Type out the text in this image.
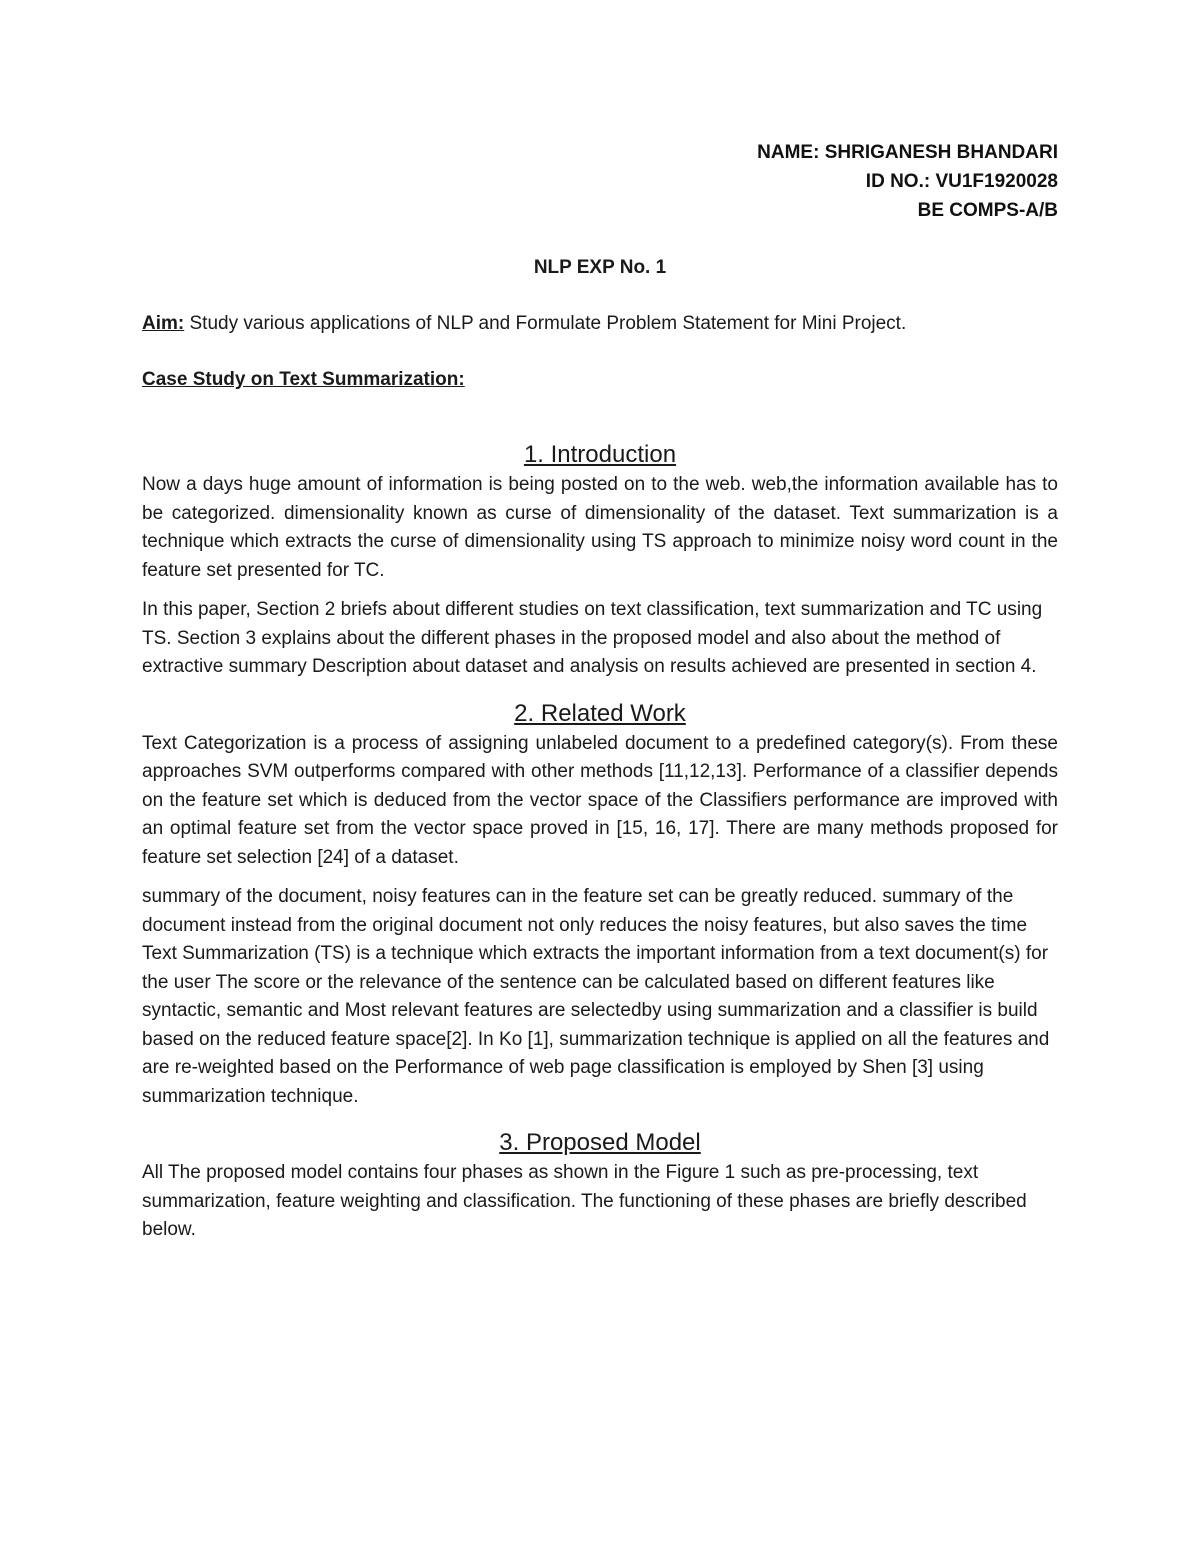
NAME: SHRIGANESH BHANDARI
ID NO.: VU1F1920028
BE COMPS-A/B
NLP EXP No. 1
Aim: Study various applications of NLP and Formulate Problem Statement for Mini Project.
Case Study on Text Summarization:
1. Introduction

Now a days huge amount of information is being posted on to the web. web,the information available has to be categorized. dimensionality known as curse of dimensionality of the dataset. Text summarization is a technique which extracts the curse of dimensionality using TS approach to minimize noisy word count in the feature set presented for TC.

In this paper, Section 2 briefs about different studies on text classification, text summarization and TC using TS. Section 3 explains about the different phases in the proposed model and also about the method of extractive summary Description about dataset and analysis on results achieved are presented in section 4.

2. Related Work

Text Categorization is a process of assigning unlabeled document to a predefined category(s). From these approaches SVM outperforms compared with other methods [11,12,13]. Performance of a classifier depends on the feature set which is deduced from the vector space of the Classifiers performance are improved with an optimal feature set from the vector space proved in [15, 16, 17]. There are many methods proposed for feature set selection [24] of a dataset.

summary of the document, noisy features can in the feature set can be greatly reduced. summary of the document instead from the original document not only reduces the noisy features, but also saves the time Text Summarization (TS) is a technique which extracts the important information from a text document(s) for the user The score or the relevance of the sentence can be calculated based on different features like syntactic, semantic and Most relevant features are selectedby using summarization and a classifier is build based on the reduced feature space[2]. In Ko [1], summarization technique is applied on all the features and are re-weighted based on the Performance of web page classification is employed by Shen [3] using summarization technique.

3. Proposed Model

All The proposed model contains four phases as shown in the Figure 1 such as pre-processing, text summarization, feature weighting and classification. The functioning of these phases are briefly described below.
